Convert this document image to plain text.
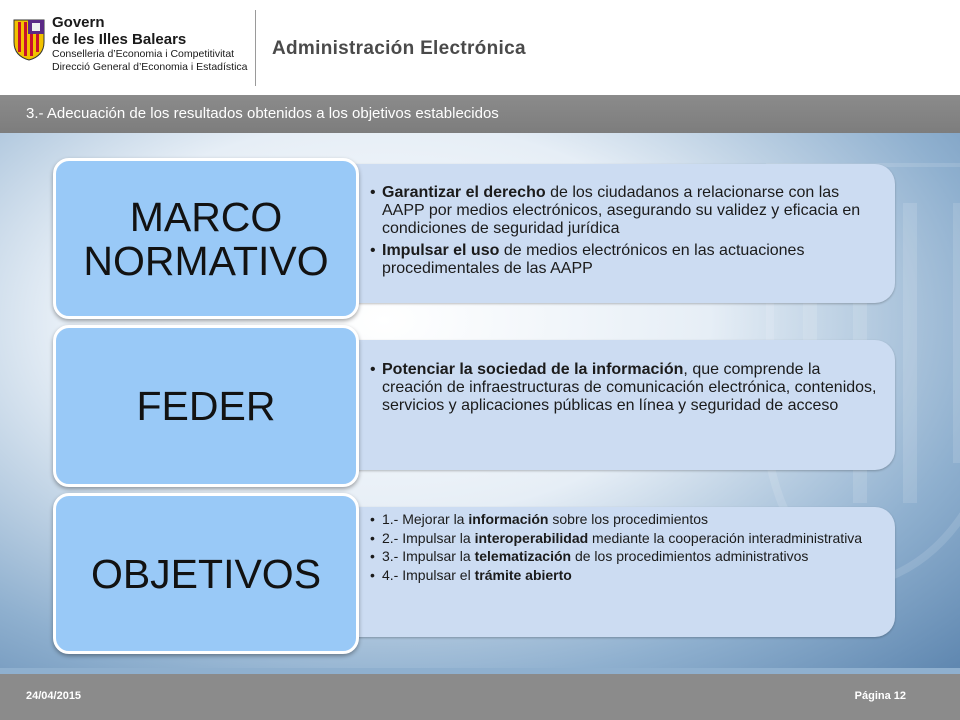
Govern
de les Illes Balears
Conselleria d’Economia i Competitivitat
Direcció General d’Economia i Estadística
Administración Electrónica
3.- Adecuación de los resultados obtenidos a los objetivos establecidos
• Garantizar el derecho de los ciudadanos a relacionarse con las AAPP por medios electrónicos, asegurando su validez y eficacia en condiciones de seguridad jurídica
• Impulsar el uso de medios electrónicos en las actuaciones procedimentales de las AAPP
MARCO NORMATIVO
• Potenciar la sociedad de la información, que comprende la creación de infraestructuras de comunicación electrónica, contenidos, servicios y aplicaciones públicas en línea y seguridad de acceso
FEDER
• 1.- Mejorar la información sobre los procedimientos
• 2.- Impulsar la interoperabilidad mediante la cooperación interadministrativa
• 3.- Impulsar la telematización de los procedimientos administrativos
• 4.- Impulsar el trámite abierto
OBJETIVOS
24/04/2015	Página 12
